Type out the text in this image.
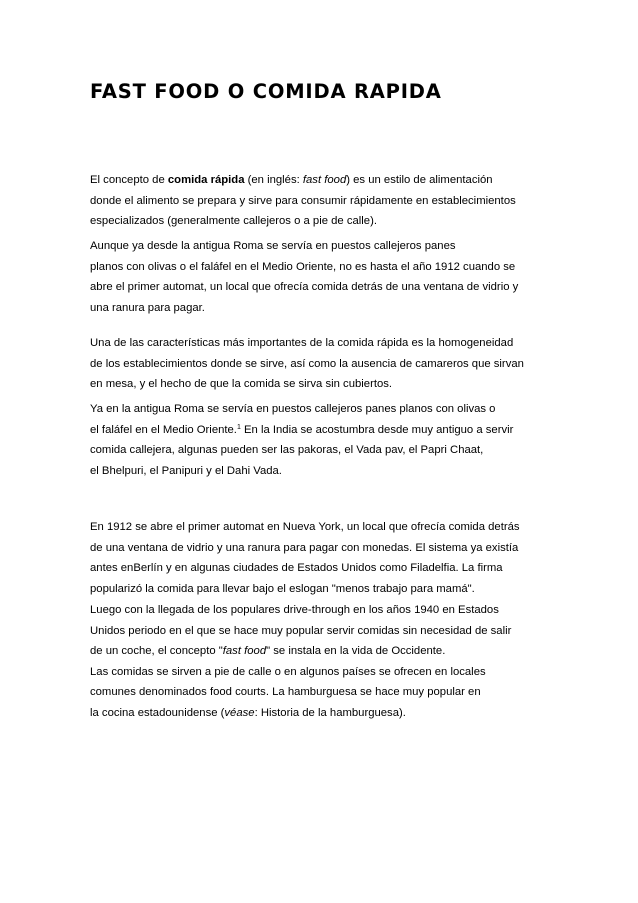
FAST FOOD O COMIDA RAPIDA

El concepto de comida rápida (en inglés: fast food) es un estilo de alimentación
donde el alimento se prepara y sirve para consumir rápidamente en establecimientos
especializados (generalmente callejeros o a pie de calle).

Aunque ya desde la antigua Roma se servía en puestos callejeros panes
planos con olivas o el faláfel en el Medio Oriente, no es hasta el año 1912 cuando se
abre el primer automat, un local que ofrecía comida detrás de una ventana de vidrio y
una ranura para pagar.

Una de las características más importantes de la comida rápida es la homogeneidad
de los establecimientos donde se sirve, así como la ausencia de camareros que sirvan
en mesa, y el hecho de que la comida se sirva sin cubiertos.

Ya en la antigua Roma se servía en puestos callejeros panes planos con olivas o
el faláfel en el Medio Oriente.$^1$ En la India se acostumbra desde muy antiguo a servir
comida callejera, algunas pueden ser las pakoras, el Vada pav, el Papri Chaat,
el Bhelpuri, el Panipuri y el Dahi Vada.

En 1912 se abre el primer automat en Nueva York, un local que ofrecía comida detrás
de una ventana de vidrio y una ranura para pagar con monedas. El sistema ya existía
antes enBerlín y en algunas ciudades de Estados Unidos como Filadelfia. La firma
popularizó la comida para llevar bajo el eslogan "menos trabajo para mamá".

Luego con la llegada de los populares drive-through en los años 1940 en Estados
Unidos periodo en el que se hace muy popular servir comidas sin necesidad de salir
de un coche, el concepto "fast food" se instala en la vida de Occidente.
Las comidas se sirven a pie de calle o en algunos países se ofrecen en locales
comunes denominados food courts. La hamburguesa se hace muy popular en
la cocina estadounidense (véase: Historia de la hamburguesa).
